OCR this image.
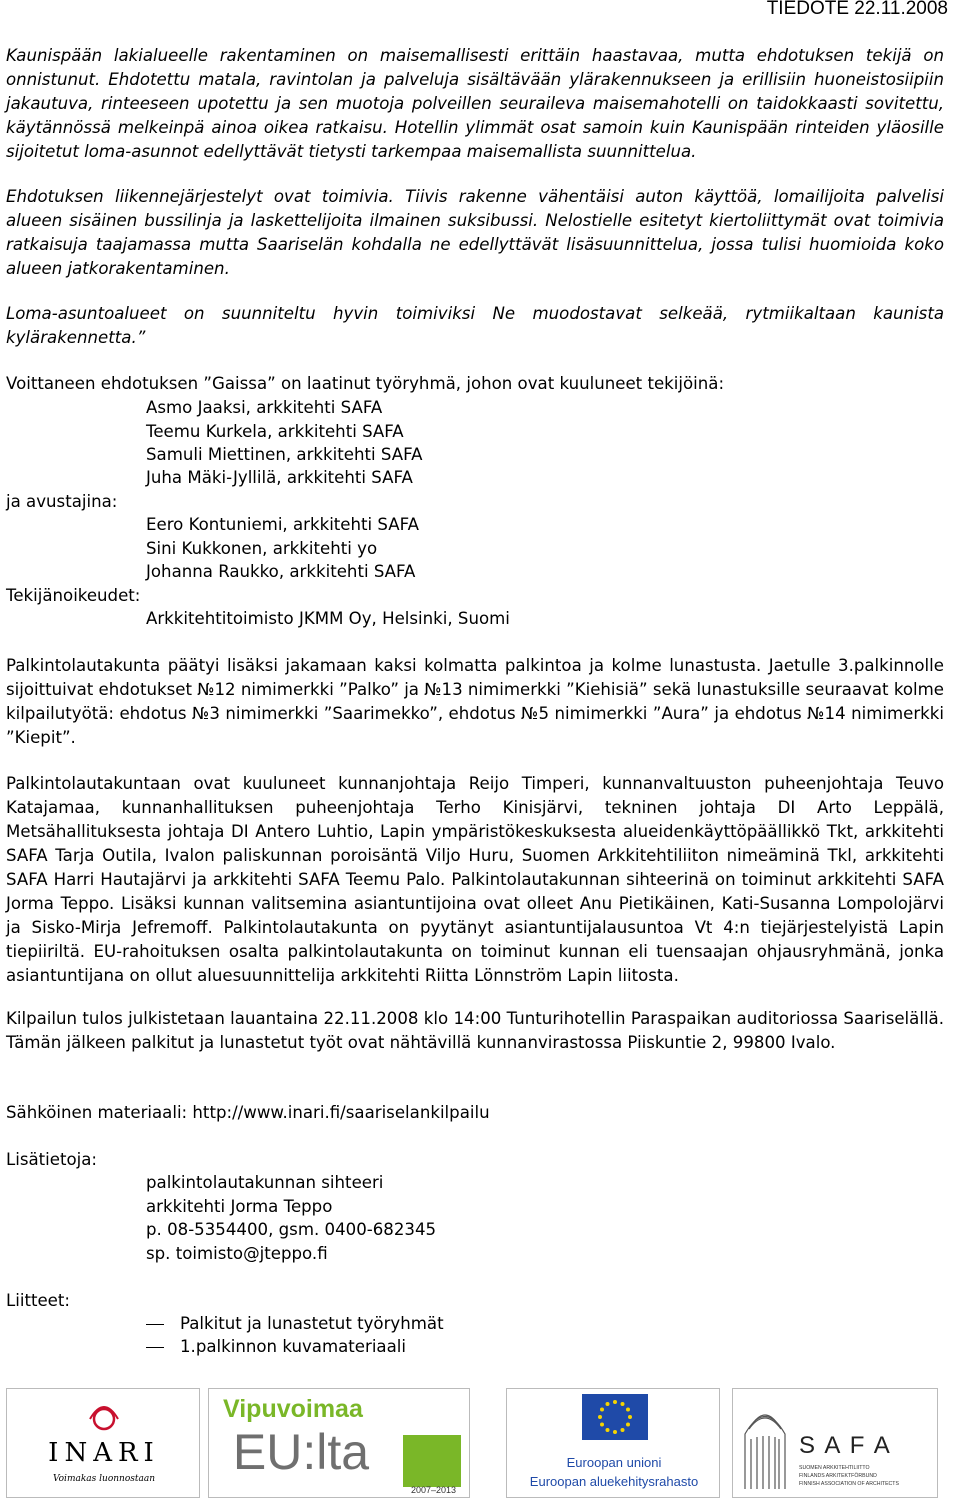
TIEDOTE 22.11.2008

Kaunispään lakialueelle rakentaminen on maisemallisesti erittäin haastavaa, mutta ehdotuksen tekijä on onnistunut. Ehdotettu matala, ravintolan ja palveluja sisältävään ylärakennukseen ja erillisiin huoneistosiipiin jakautuva, rinteeseen upotettu ja sen muotoja polveillen seuraileva maisemahotelli on taidokkaasti sovitettu, käytännössä melkeinpä ainoa oikea ratkaisu. Hotellin ylimmät osat samoin kuin Kaunispään rinteiden yläosille sijoitetut loma-asunnot edellyttävät tietysti tarkempaa maisemallista suunnittelua.

Ehdotuksen liikennejärjestelyt ovat toimivia. Tiivis rakenne vähentäisi auton käyttöä, lomailijoita palvelisi alueen sisäinen bussilinja ja laskettelijoita ilmainen suksibussi. Nelostielle esitetyt kiertoliittymät ovat toimivia ratkaisuja taajamassa mutta Saariselän kohdalla ne edellyttävät lisäsuunnittelua, jossa tulisi huomioida koko alueen jatkorakentaminen.

Loma-asuntoalueet on suunniteltu hyvin toimiviksi Ne muodostavat selkeää, rytmiikaltaan kaunista kylärakennetta.”

Voittaneen ehdotuksen ”Gaissa” on laatinut työryhmä, johon ovat kuuluneet tekijöinä:

Asmo Jaaksi, arkkitehti SAFA
Teemu Kurkela, arkkitehti SAFA
Samuli Miettinen, arkkitehti SAFA
Juha Mäki-Jyllilä, arkkitehti SAFA
ja avustajina:
Eero Kontuniemi, arkkitehti SAFA
Sini Kukkonen, arkkitehti yo
Johanna Raukko, arkkitehti SAFA
Tekijänoikeudet:
Arkkitehtitoimisto JKMM Oy, Helsinki, Suomi

Palkintolautakunta päätyi lisäksi jakamaan kaksi kolmatta palkintoa ja kolme lunastusta. Jaetulle 3.palkinnolle sijoittuivat ehdotukset №12 nimimerkki ”Palko” ja №13 nimimerkki ”Kiehisiä” sekä lunastuksille seuraavat kolme kilpailutyötä: ehdotus №3 nimimerkki ”Saarimekko”, ehdotus №5 nimimerkki ”Aura” ja ehdotus №14 nimimerkki ”Kiepit”.

Palkintolautakuntaan ovat kuuluneet kunnanjohtaja Reijo Timperi, kunnanvaltuuston puheenjohtaja Teuvo Katajamaa, kunnanhallituksen puheenjohtaja Terho Kinisjärvi, tekninen johtaja DI Arto Leppälä, Metsähallituksesta johtaja DI Antero Luhtio, Lapin ympäristökeskuksesta alueidenkäyttöpäällikkö Tkt, arkkitehti SAFA Tarja Outila, Ivalon paliskunnan poroisäntä Viljo Huru, Suomen Arkkitehtiliiton nimeäminä Tkl, arkkitehti SAFA Harri Hautajärvi ja arkkitehti SAFA Teemu Palo. Palkintolautakunnan sihteerinä on toiminut arkkitehti SAFA Jorma Teppo. Lisäksi kunnan valitsemina asiantuntijoina ovat olleet Anu Pietikäinen, Kati-Susanna Lompolojärvi ja Sisko-Mirja Jefremoff. Palkintolautakunta on pyytänyt asiantuntijalausuntoa Vt 4:n tiejärjestelyistä Lapin tiepiiriltä. EU-rahoituksen osalta palkintolautakunta on toiminut kunnan eli tuensaajan ohjausryhmänä, jonka asiantuntijana on ollut aluesuunnittelija arkkitehti Riitta Lönnström Lapin liitosta.

Kilpailun tulos julkistetaan lauantaina 22.11.2008 klo 14:00 Tunturihotellin Paraspaikan auditoriossa Saariselällä. Tämän jälkeen palkitut ja lunastetut työt ovat nähtävillä kunnanvirastossa Piiskuntie 2, 99800 Ivalo.

Sähköinen materiaali: http://www.inari.fi/saariselankilpailu

Lisätietoja:
palkintolautakunnan sihteeri
arkkitehti Jorma Teppo
p. 08-5354400, gsm. 0400-682345
sp. toimisto@jteppo.fi
Liitteet:
Palkitut ja lunastetut työryhmät
1.palkinnon kuvamateriaali
INARI
Voimakas luonnostaan
Vipuvoimaa
EU:lta
2007–2013
Euroopan unioni
Euroopan aluekehitysrahasto
S A F A
SUOMEN ARKKITEHTILIITTO
FINLANDS ARKITEKTFÖRBUND
FINNISH ASSOCIATION OF ARCHITECTS
